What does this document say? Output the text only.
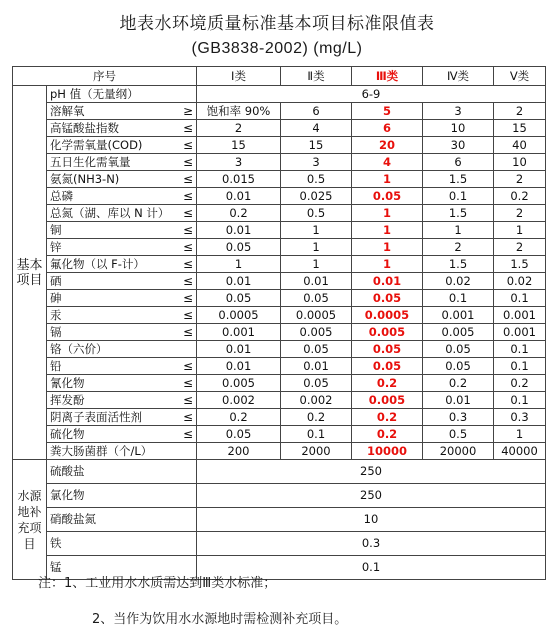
地表水环境质量标准基本项目标准限值表
(GB3838-2002) (mg/L)
序号			Ⅰ类	Ⅱ类	Ⅲ类	Ⅳ类	Ⅴ类
基本项目	pH 值（无量纲）		6-9				
	溶解氧	≥	饱和率 90%	6	5	3	2
	高锰酸盐指数	≤	2	4	6	10	15
	化学需氧量(COD)	≤	15	15	20	30	40
	五日生化需氧量	≤	3	3	4	6	10
	氨氮(NH3-N)	≤	0.015	0.5	1	1.5	2
	总磷	≤	0.01	0.025	0.05	0.1	0.2
	总氮（湖、库以 N 计）	≤	0.2	0.5	1	1.5	2
	铜	≤	0.01	1	1	1	1
	锌	≤	0.05	1	1	2	2
	氟化物（以 F-计）	≤	1	1	1	1.5	1.5
	硒	≤	0.01	0.01	0.01	0.02	0.02
	砷	≤	0.05	0.05	0.05	0.1	0.1
	汞	≤	0.0005	0.0005	0.0005	0.001	0.001
	镉	≤	0.001	0.005	0.005	0.005	0.001
	铬（六价）		0.01	0.05	0.05	0.05	0.1
	铅	≤	0.01	0.01	0.05	0.05	0.1
	氰化物	≤	0.005	0.05	0.2	0.2	0.2
	挥发酚	≤	0.002	0.002	0.005	0.01	0.1
	阴离子表面活性剂	≤	0.2	0.2	0.2	0.3	0.3
	硫化物	≤	0.05	0.1	0.2	0.5	1
	粪大肠菌群（个/L）		200	2000	10000	20000	40000
水源地补充项目	硫酸盐		250				
	氯化物		250				
	硝酸盐氮		10				
	铁		0.3				
	锰		0.1				
注：1、工业用水水质需达到Ⅲ类水标准；
2、当作为饮用水水源地时需检测补充项目。
